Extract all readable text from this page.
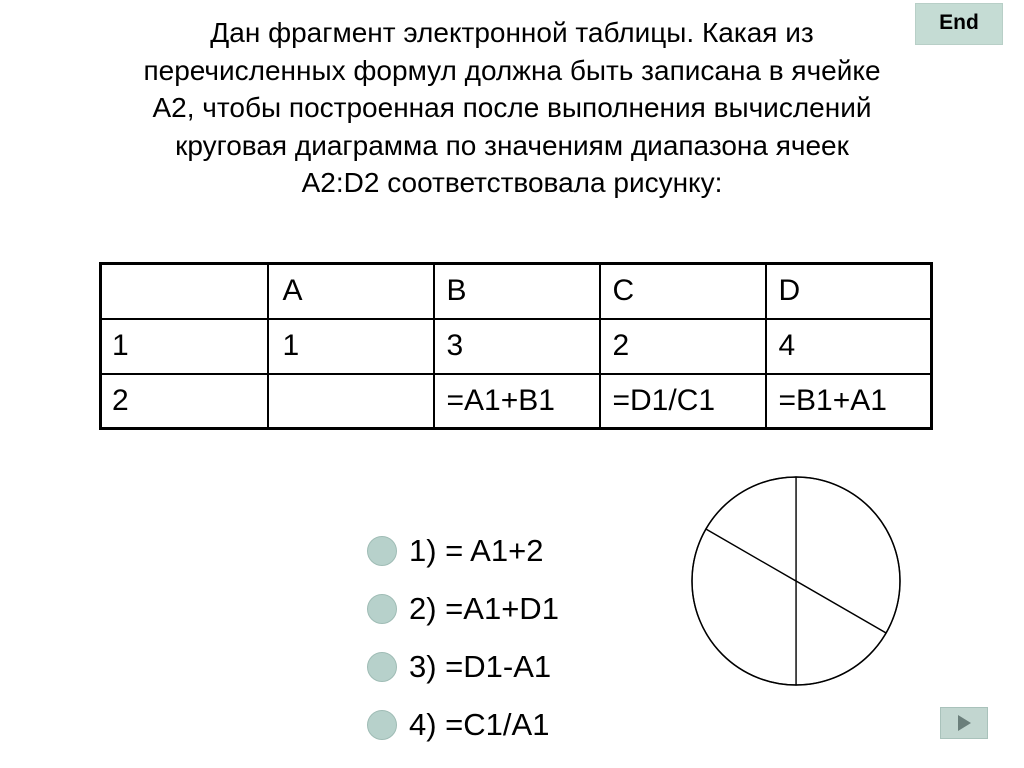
End
Дан фрагмент электронной таблицы. Какая из
перечисленных формул должна быть записана в ячейке
A2, чтобы построенная после выполнения вычислений
круговая диаграмма по значениям диапазона ячеек
A2:D2 соответствовала рисунку:
	A	B	C	D
1	1	3	2	4
2		=A1+B1	=D1/C1	=B1+A1
1) = A1+2
2) =A1+D1
3) =D1-A1
4) =C1/A1
